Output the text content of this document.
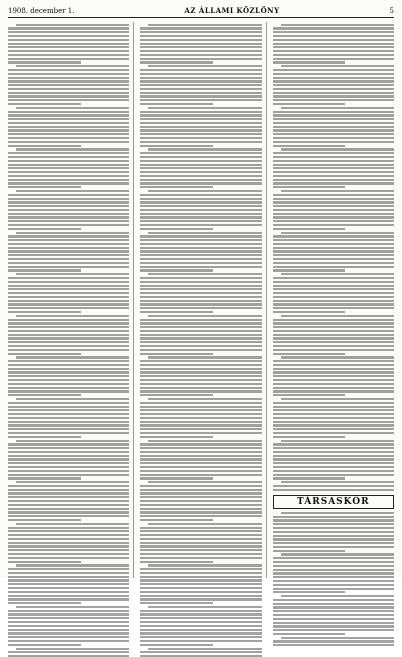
1908. december 1.	AZ ÁLLAMI KÖZLÖNY	5
TÁRSASKÖR
